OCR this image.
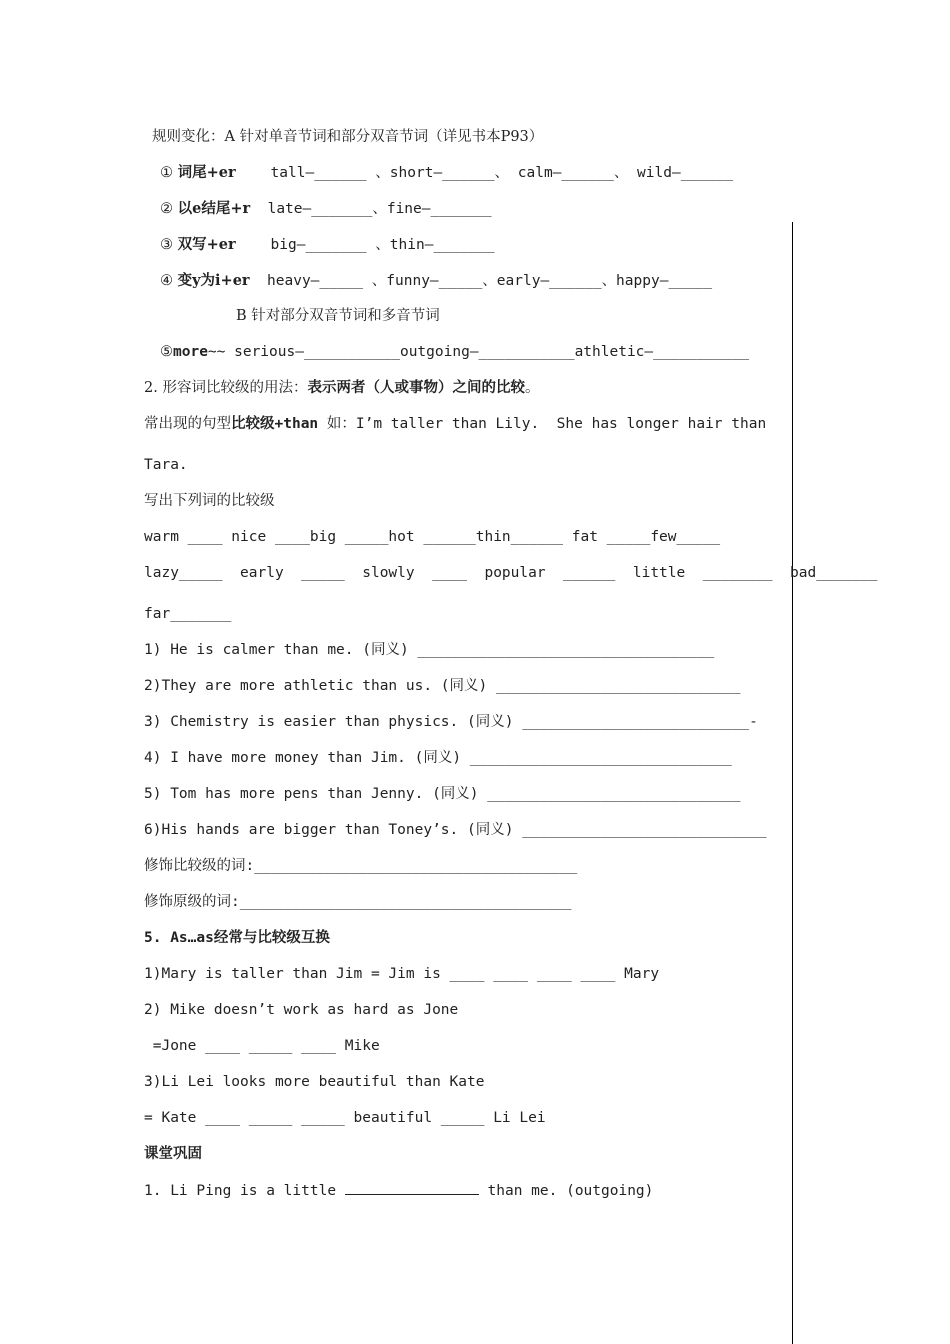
规则变化：A 针对单音节词和部分双音节词（详见书本P93）
① 词尾+er    tall—______ 、short—______、 calm—______、 wild—______
② 以e结尾+r  late—_______、fine—_______
③ 双写+er    big—_______ 、thin—_______
④ 变y为i+er  heavy—_____ 、funny—_____、early—______、happy—_____
B 针对部分双音节词和多音节词
⑤more~~ serious—___________outgoing—___________athletic—___________
2. 形容词比较级的用法：表示两者（人或事物）之间的比较。
常出现的句型比较级+than 如：I’m taller than Lily.  She has longer hair than
Tara.
写出下列词的比较级
warm ____ nice ____big _____hot ______thin______ fat _____few_____
lazy_____  early  _____  slowly  ____  popular  ______  little  ________  bad_______
far_______
1) He is calmer than me. (同义) __________________________________
2)They are more athletic than us. (同义) ____________________________
3) Chemistry is easier than physics. (同义) __________________________-
4) I have more money than Jim. (同义) ______________________________
5) Tom has more pens than Jenny. (同义) _____________________________
6)His hands are bigger than Toney’s. (同义) ____________________________
修饰比较级的词:_____________________________________
修饰原级的词:______________________________________
5. As…as经常与比较级互换
1)Mary is taller than Jim = Jim is ____ ____ ____ ____ Mary
2) Mike doesn’t work as hard as Jone
=Jone ____ _____ ____ Mike
3)Li Lei looks more beautiful than Kate
= Kate ____ _____ _____ beautiful _____ Li Lei
课堂巩固
1. Li Ping is a little	than me. (outgoing)
